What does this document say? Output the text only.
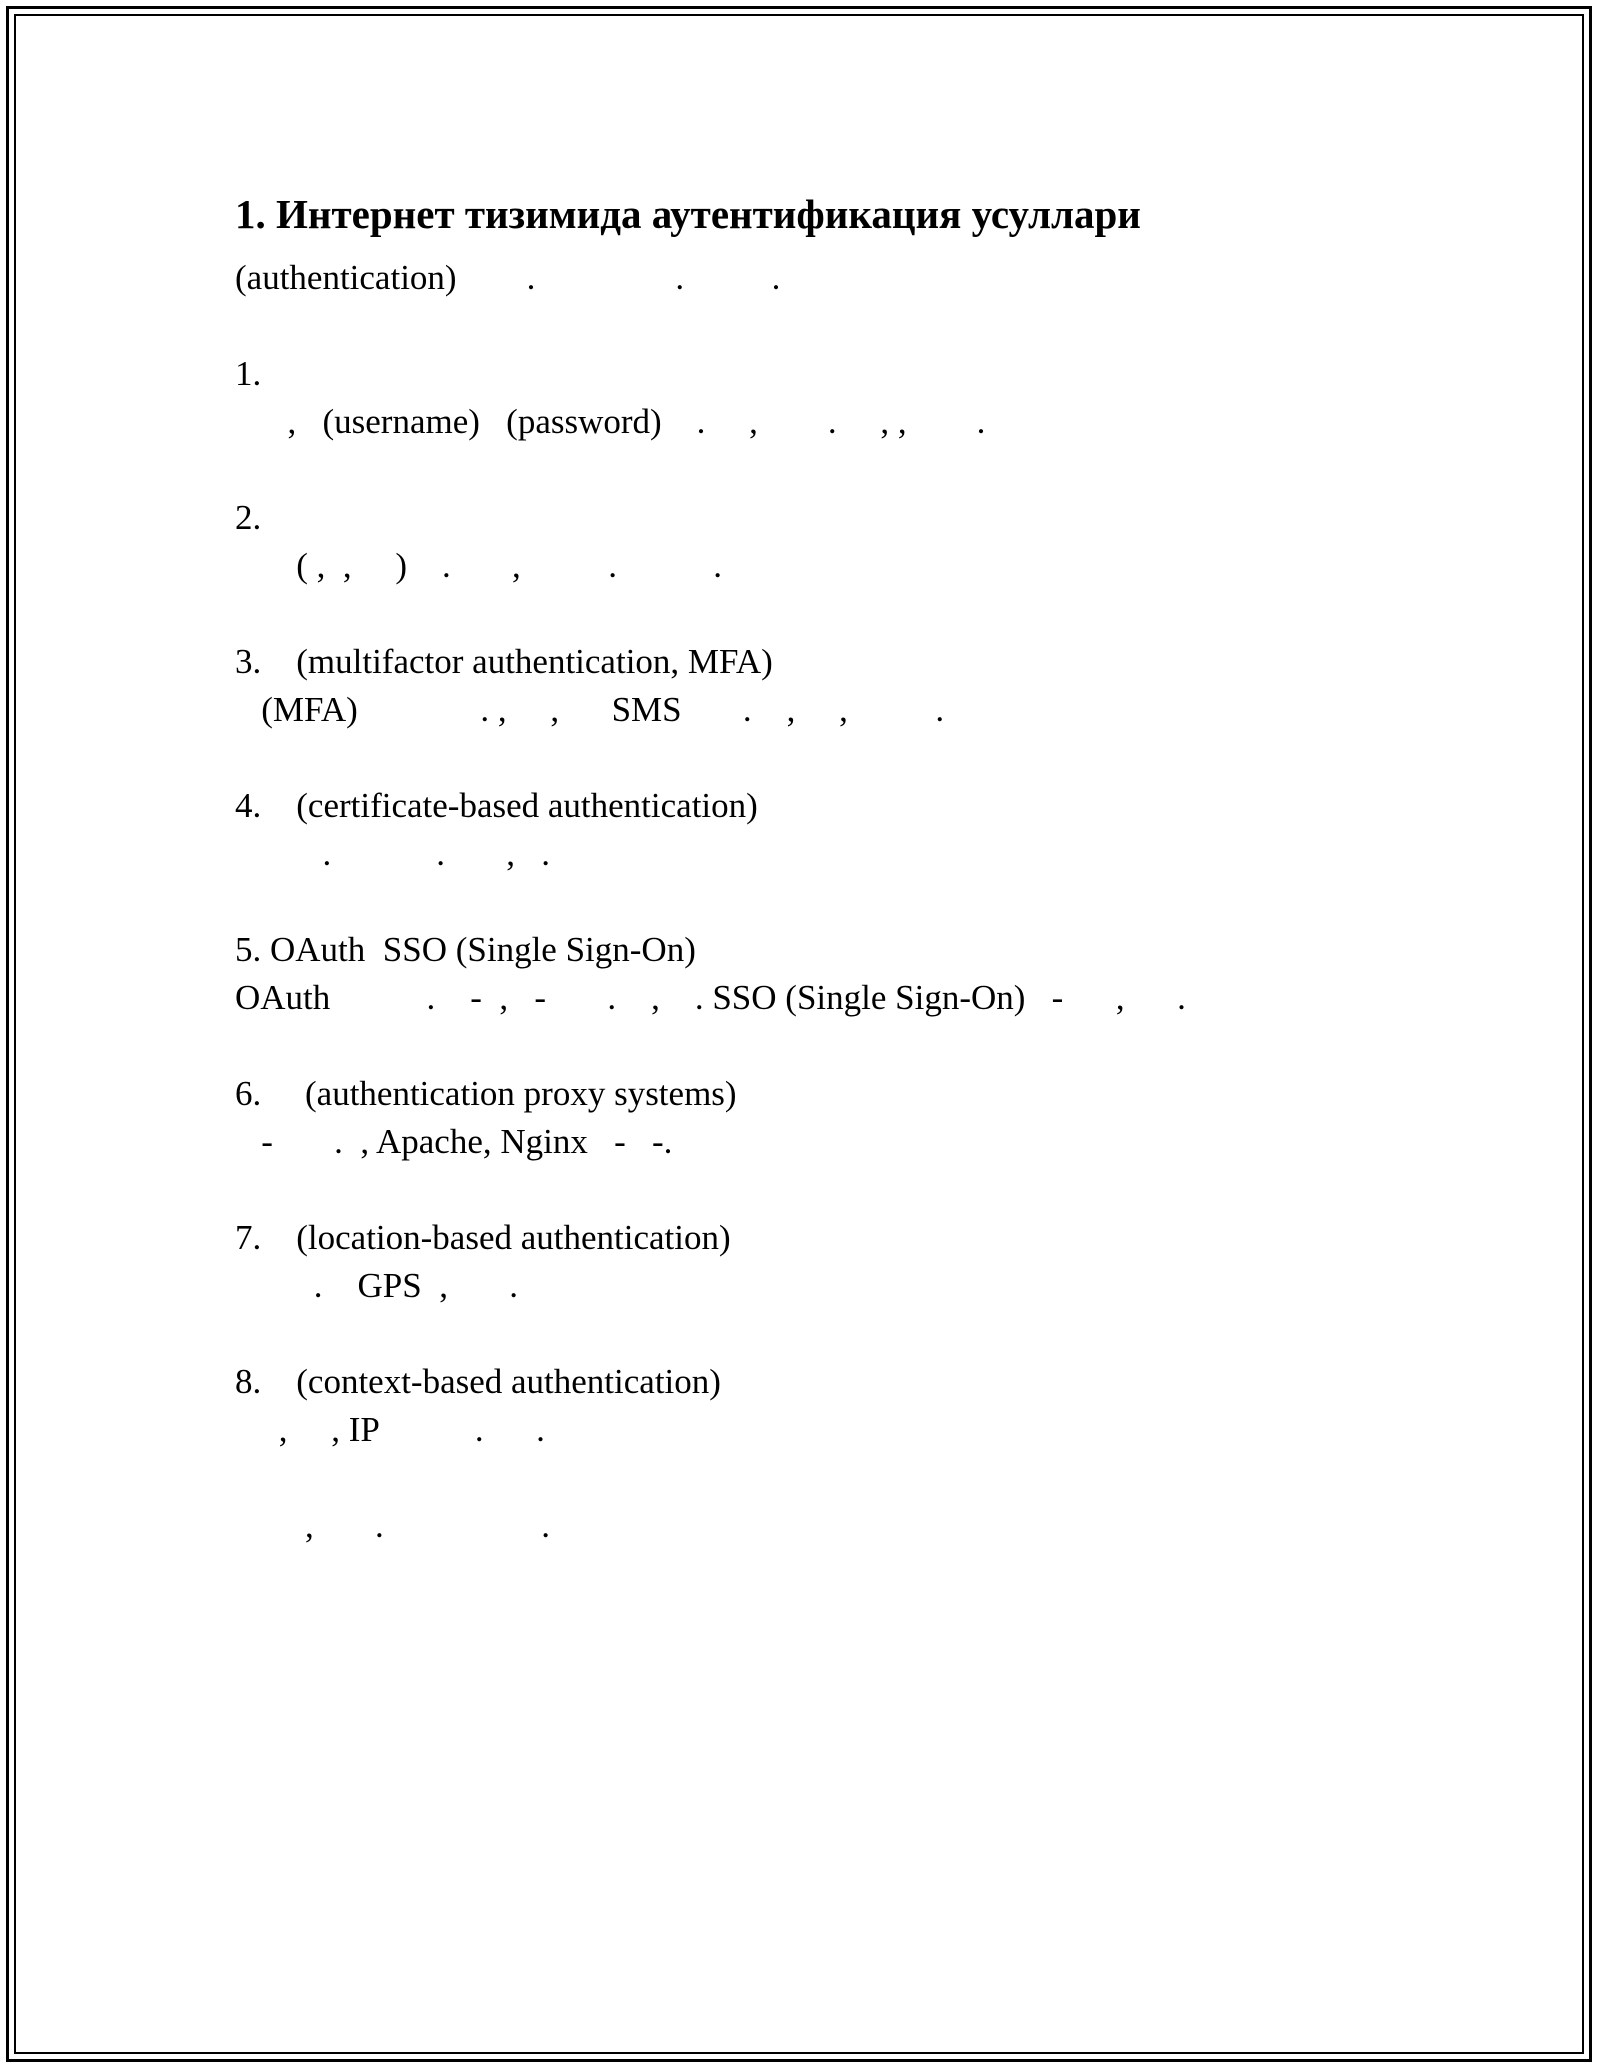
1. Интернет тизимида аутентификация усуллари

(authentication)        .                .          .

1.

,   (username)   (password)    .     ,        .     , ,        .

2.

( ,  ,     )    .       ,          .           .

3.    (multifactor authentication, MFA)

(MFA)              . ,     ,      SMS       .    ,     ,          .

4.    (certificate-based authentication)

.            .       ,   .

5. OAuth  SSO (Single Sign-On)

OAuth           .    -  ,   -       .    ,    . SSO (Single Sign-On)   -      ,      .

6.     (authentication proxy systems)

-       .  , Apache, Nginx   -   -.

7.    (location-based authentication)

.    GPS  ,       .

8.    (context-based authentication)

,     , IP           .      .

,       .                  .
